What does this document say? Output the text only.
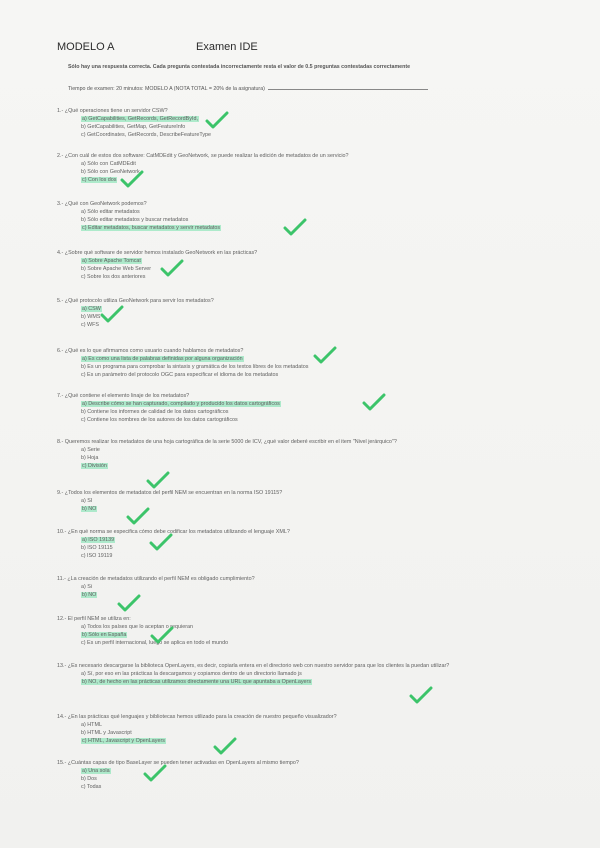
MODELO A	Examen IDE
Sólo hay una respuesta correcta. Cada pregunta contestada incorrectamente resta el valor de 0.5 preguntas contestadas correctamente
Tiempo de examen: 20 minutos: MODELO A (NOTA TOTAL = 20% de la asignatura)
1.- ¿Qué operaciones tiene un servidor CSW?
a) GetCapabilities, GetRecords, GetRecordById,
b) GetCapabilities, GetMap, GetFeatureInfo
c) GetCoordinates, GetRecords, DescribeFeatureType
2.- ¿Con cuál de estos dos software: CatMDEdit y GeoNetwork, se puede realizar la edición de metadatos de un servicio?
a) Sólo con CatMDEdit
b) Sólo con GeoNetwork
c) Con los dos
3.- ¿Qué con GeoNetwork podemos?
a) Sólo editar metadatos
b) Sólo editar metadatos y buscar metadatos
c) Editar metadatos, buscar metadatos y servir metadatos
4.- ¿Sobre qué software de servidor hemos instalado GeoNetwork en las prácticas?
a) Sobre Apache Tomcat
b) Sobre Apache Web Server
c) Sobre los dos anteriores
5.- ¿Qué protocolo utiliza GeoNetwork para servir los metadatos?
a) CSW
b) WMS
c) WFS
6.- ¿Qué es lo que afirmamos como usuario cuando hablamos de metadatos?
a) Es como una lista de palabras definidas por alguna organización
b) Es un programa para comprobar la sintaxis y gramática de los textos libres de los metadatos
c) Es un parámetro del protocolo OGC para especificar el idioma de los metadatos
7.- ¿Qué contiene el elemento linaje de los metadatos?
a) Describe cómo se han capturado, compilado y producido los datos cartográficos
b) Contiene los informes de calidad de los datos cartográficos
c) Contiene los nombres de los autores de los datos cartográficos
8.- Queremos realizar los metadatos de una hoja cartográfica de la serie 5000 de ICV, ¿qué valor deberé escribir en el item "Nivel jerárquico"?
a) Serie
b) Hoja
c) División
9.- ¿Todos los elementos de metadatos del perfil NEM se encuentran en la norma ISO 19115?
a) SI
b) NO
10.- ¿En qué norma se especifica cómo debe codificar los metadatos utilizando el lenguaje XML?
a) ISO 19139
b) ISO 19115
c) ISO 19119
11.- ¿La creación de metadatos utilizando el perfil NEM es obligado cumplimiento?
a) Si
b) NO
12.- El perfil NEM se utiliza en:
a) Todos los países que lo aceptan o requieran
b) Sólo en España
c) Es un perfil internacional, luego se aplica en todo el mundo
13.- ¿Es necesario descargarse la biblioteca OpenLayers, es decir, copiarla entera en el directorio web con nuestro servidor para que los clientes la puedan utilizar?
a) Sí, por eso en las prácticas la descargamos y copiamos dentro de un directorio llamado js
b) NO, de hecho en las prácticas utilizamos directamente una URL que apuntaba a OpenLayers
14.- ¿En las prácticas qué lenguajes y bibliotecas hemos utilizado para la creación de nuestro pequeño visualizador?
a) HTML
b) HTML y Javascript
c) HTML, Javascript y OpenLayers
15.- ¿Cuántas capas de tipo BaseLayer se pueden tener activadas en OpenLayers al mismo tiempo?
a) Una sola
b) Dos
c) Todas
